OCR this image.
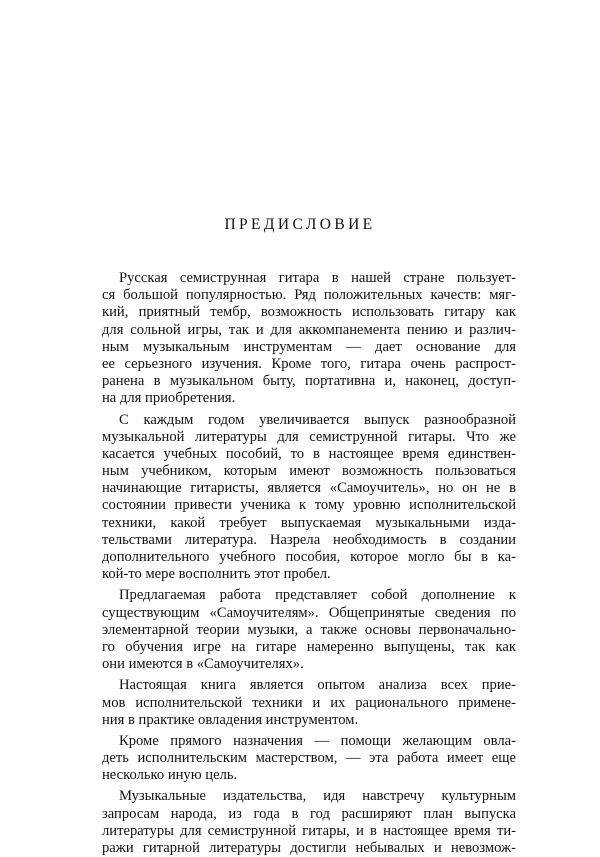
ПРЕДИСЛОВИЕ
Русская семиструнная гитара в нашей стране пользует-
ся большой популярностью. Ряд положительных качеств: мяг-
кий, приятный тембр, возможность использовать гитару как
для сольной игры, так и для аккомпанемента пению и различ-
ным музыкальным инструментам — дает основание для
ее серьезного изучения. Кроме того, гитара очень распрост-
ранена в музыкальном быту, портативна и, наконец, доступ-
на для приобретения.
С каждым годом увеличивается выпуск разнообразной
музыкальной литературы для семиструнной гитары. Что же
касается учебных пособий, то в настоящее время единствен-
ным учебником, которым имеют возможность пользоваться
начинающие гитаристы, является «Самоучитель», но он не в
состоянии привести ученика к тому уровню исполнительской
техники, какой требует выпускаемая музыкальными изда-
тельствами литература. Назрела необходимость в создании
дополнительного учебного пособия, которое могло бы в ка-
кой-то мере восполнить этот пробел.
Предлагаемая работа представляет собой дополнение к
существующим «Самоучителям». Общепринятые сведения по
элементарной теории музыки, а также основы первоначально-
го обучения игре на гитаре намеренно выпущены, так как
они имеются в «Самоучителях».
Настоящая книга является опытом анализа всех прие-
мов исполнительской техники и их рационального примене-
ния в практике овладения инструментом.
Кроме прямого назначения — помощи желающим овла-
деть исполнительским мастерством, — эта работа имеет еще
несколько иную цель.
Музыкальные издательства, идя навстречу культурным
запросам народа, из года в год расширяют план выпуска
литературы для семиструнной гитары, и в настоящее время ти-
ражи гитарной литературы достигли небывалых и невозмож-
